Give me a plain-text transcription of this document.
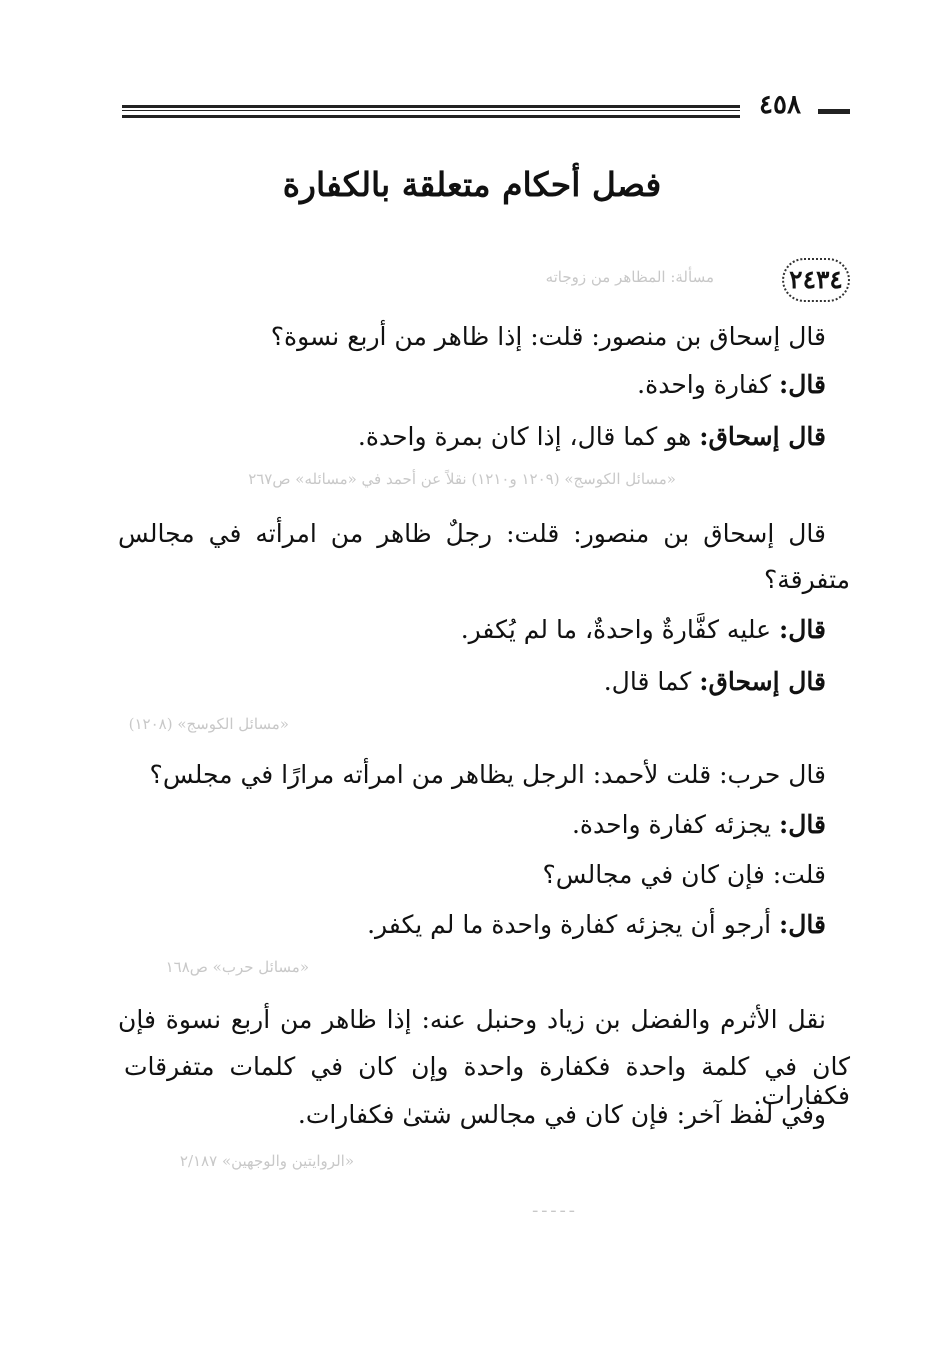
٤٥٨
فصل أحكام متعلقة بالكفارة
٢٤٣٤
مسألة: المظاهر من زوجاته
قال إسحاق بن منصور: قلت: إذا ظاهر من أربع نسوة؟
قال: كفارة واحدة.
قال إسحاق: هو كما قال، إذا كان بمرة واحدة.
«مسائل الكوسج» (١٢٠٩ و١٢١٠) نقلاً عن أحمد في «مسائله» ص٢٦٧
قال إسحاق بن منصور: قلت: رجلٌ ظاهر من امرأته في مجالس
متفرقة؟
قال: عليه كفَّارةٌ واحدةٌ، ما لم يُكفر.
قال إسحاق: كما قال.
«مسائل الكوسج» (١٢٠٨)
قال حرب: قلت لأحمد: الرجل يظاهر من امرأته مرارًا في مجلس؟
قال: يجزئه كفارة واحدة.
قلت: فإن كان في مجالس؟
قال: أرجو أن يجزئه كفارة واحدة ما لم يكفر.
«مسائل حرب» ص١٦٨
نقل الأثرم والفضل بن زياد وحنبل عنه: إذا ظاهر من أربع نسوة فإن
كان في كلمة واحدة فكفارة واحدة وإن كان في كلمات متفرقات فكفارات.
وفي لفظ آخر: فإن كان في مجالس شتىٰ فكفارات.
«الروايتين والوجهين» ٢/١٨٧
ـ ـ ـ ـ ـ
